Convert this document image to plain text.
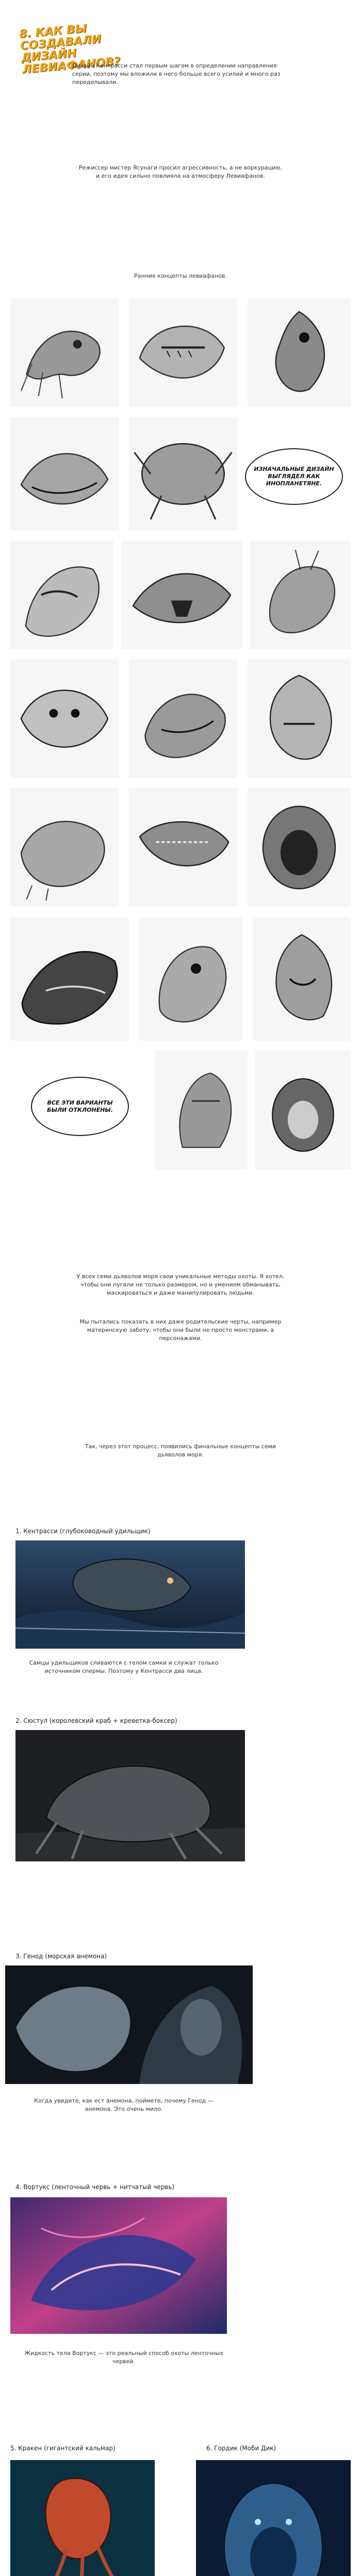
8. КАК ВЫ СОЗДАВАЛИ ДИЗАЙН ЛЕВИАФАНОВ?
Дизайн Кентрасси стал первым шагом в определении направления серии, поэтому мы вложили в него больше всего усилий и много раз переделывали.
Режиссер мистер Ясунаги просил агрессивность, а не воркурацию, и его идея сильно повлияла на атмосферу Левиафанов.
Ранние концепты левиафанов.
ИЗНАЧАЛЬНЫЕ ДИЗАЙН ВЫГЛЯДЕЛ КАК ИНОПЛАНЕТЯНЕ.
ВСЕ ЭТИ ВАРИАНТЫ БЫЛИ ОТКЛОНЕНЫ.
У всех семи дьяволов моря свои уникальные методы охоты. Я хотел, чтобы они пугали не только размером, но и умением обманывать, маскироваться и даже манипулировать людьми.
Мы пытались показать в них даже родительские черты, например материнскую заботу, чтобы они были не просто монстрами, а персонажами.
Так, через этот процесс, появились финальные концепты семи дьяволов моря.
1. Кентрасси (глубоководный удильщик)
Самцы удильщиков сливаются с телом самки и служат только источником спермы. Поэтому у Кентрасси два лица.
2. Сюстул (королевский краб + креветка-боксер)
3. Генод (морская анемона)
Когда увидите, как ест анемона, поймете, почему Генод — анемона. Это очень мило.
4. Вортукс (ленточный червь + нитчатый червь)
Жидкость тела Вортукс — это реальный способ охоты ленточных червей.
5. Кракен (гигантский кальмар)	6. Гордик (Моби Дик)
